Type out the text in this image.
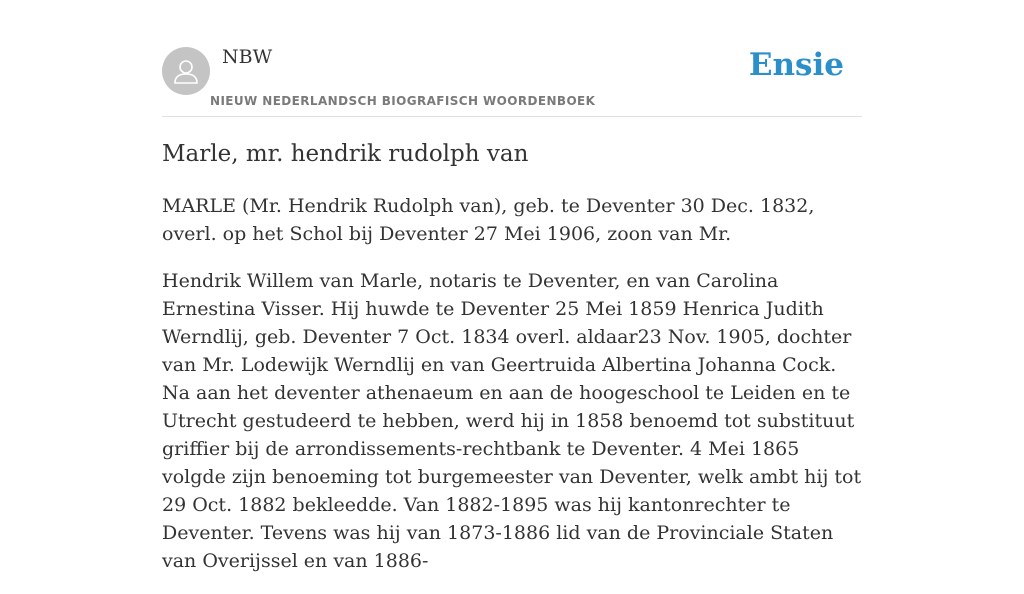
NBW

NIEUW NEDERLANDSCH BIOGRAFISCH WOORDENBOEK

Ensie

Marle, mr. hendrik rudolph van

MARLE (Mr. Hendrik Rudolph van), geb. te Deventer 30 Dec. 1832, overl. op het Schol bij Deventer 27 Mei 1906, zoon van Mr.

Hendrik Willem van Marle, notaris te Deventer, en van Carolina Ernestina Visser. Hij huwde te Deventer 25 Mei 1859 Henrica Judith Werndlij, geb. Deventer 7 Oct. 1834 overl. aldaar23 Nov. 1905, dochter van Mr. Lodewijk Werndlij en van Geertruida Albertina Johanna Cock. Na aan het deventer athenaeum en aan de hoogeschool te Leiden en te Utrecht gestudeerd te hebben, werd hij in 1858 benoemd tot substituut griffier bij de arrondissements-rechtbank te Deventer. 4 Mei 1865 volgde zijn benoeming tot burgemeester van Deventer, welk ambt hij tot 29 Oct. 1882 bekleedde. Van 1882-1895 was hij kantonrechter te Deventer. Tevens was hij van 1873-1886 lid van de Provinciale Staten van Overijssel en van 1886-
